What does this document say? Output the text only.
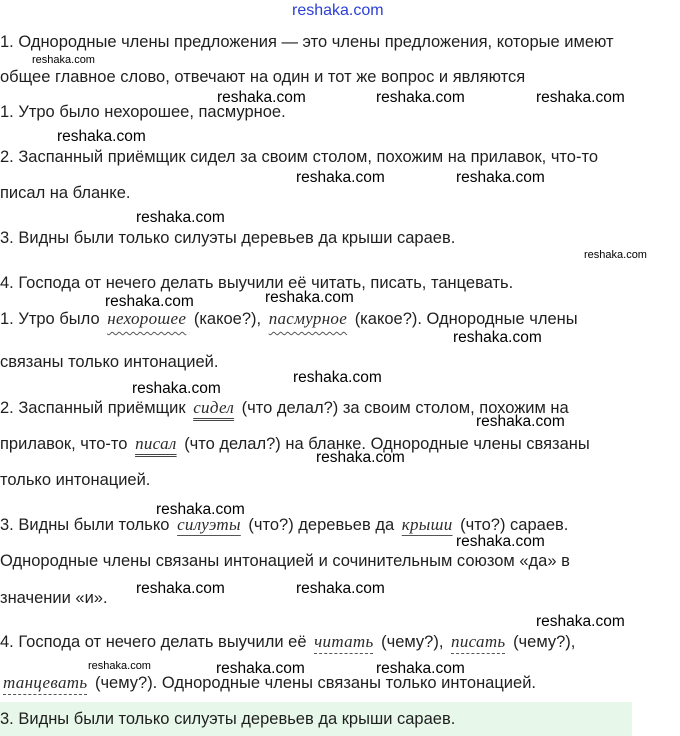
reshaka.com
1. Однородные члены предложения — это члены предложения, которые имеют
общее главное слово, отвечают на один и тот же вопрос и являются
1. Утро было нехорошее, пасмурное.
2. Заспанный приёмщик сидел за своим столом, похожим на прилавок, что-то
писал на бланке.
3. Видны были только силуэты деревьев да крыши сараев.
4. Господа от нечего делать выучили её читать, писать, танцевать.
1. Утро было нехорошее (какое?), пасмурное (какое?). Однородные члены
связаны только интонацией.
2. Заспанный приёмщик сидел (что делал?) за своим столом, похожим на
прилавок, что-то писал (что делал?) на бланке. Однородные члены связаны
только интонацией.
3. Видны были только силуэты (что?) деревьев да крыши (что?) сараев.
Однородные члены связаны интонацией и сочинительным союзом «да» в
значении «и».
4. Господа от нечего делать выучили её читать (чему?), писать (чему?),
танцевать (чему?). Однородные члены связаны только интонацией.
3. Видны были только силуэты деревьев да крыши сараев.
reshaka.com
reshaka.com	reshaka.com	reshaka.com
reshaka.com
reshaka.com	reshaka.com
reshaka.com
reshaka.com
reshaka.com
reshaka.com
reshaka.com
reshaka.com
reshaka.com
reshaka.com
reshaka.com
reshaka.com
reshaka.com
reshaka.com	reshaka.com
reshaka.com
reshaka.com	reshaka.com	reshaka.com
